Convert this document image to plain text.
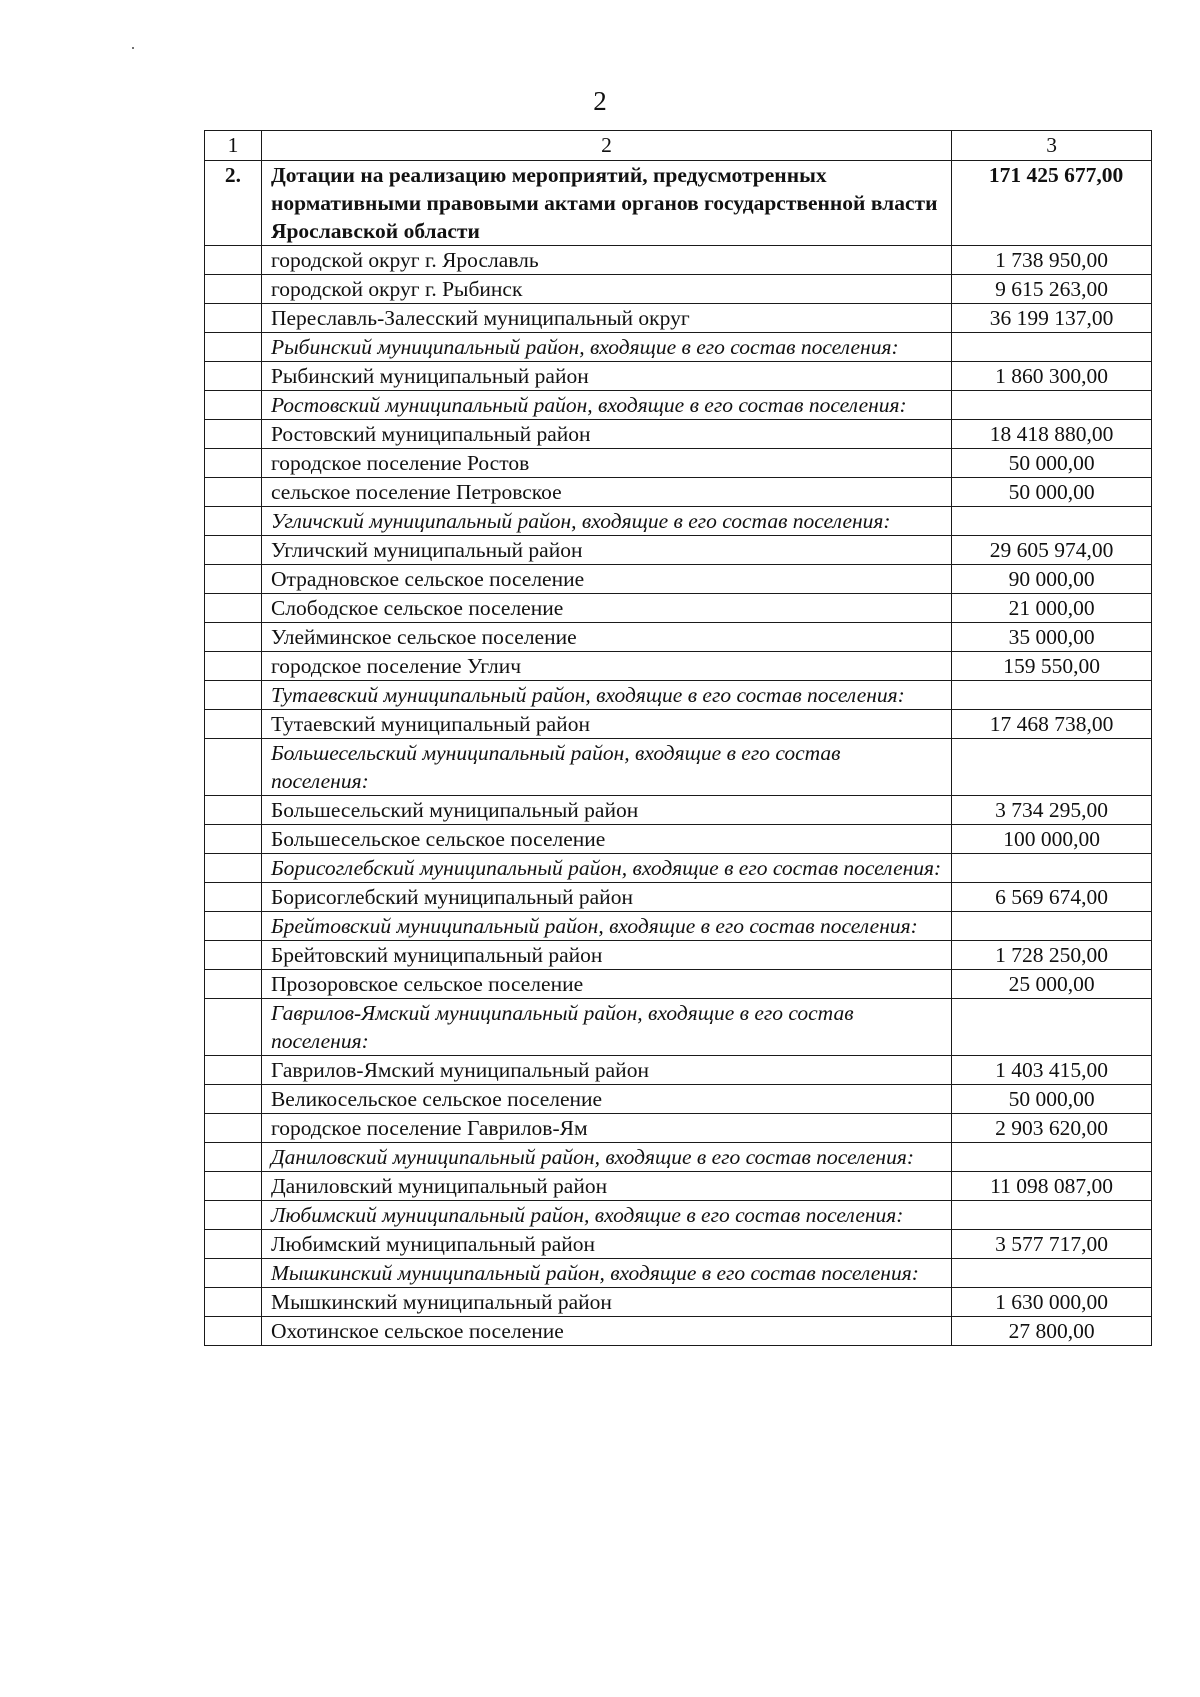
2
1	2	3
2.	Дотации на реализацию мероприятий, предусмотренных нормативными правовыми актами органов государственной власти Ярославской области	171 425 677,00
	городской округ г. Ярославль	1 738 950,00
	городской округ г. Рыбинск	9 615 263,00
	Переславль-Залесский муниципальный округ	36 199 137,00
	Рыбинский муниципальный район, входящие в его состав поселения:	
	Рыбинский муниципальный район	1 860 300,00
	Ростовский муниципальный район, входящие в его состав поселения:	
	Ростовский муниципальный район	18 418 880,00
	городское поселение Ростов	50 000,00
	сельское поселение Петровское	50 000,00
	Угличский муниципальный район, входящие в его состав поселения:	
	Угличский муниципальный район	29 605 974,00
	Отрадновское сельское поселение	90 000,00
	Слободское сельское поселение	21 000,00
	Улейминское сельское поселение	35 000,00
	городское поселение Углич	159 550,00
	Тутаевский муниципальный район, входящие в его состав поселения:	
	Тутаевский муниципальный район	17 468 738,00
	Большесельский муниципальный район, входящие в его состав поселения:	
	Большесельский муниципальный район	3 734 295,00
	Большесельское сельское поселение	100 000,00
	Борисоглебский муниципальный район, входящие в его состав поселения:	
	Борисоглебский муниципальный район	6 569 674,00
	Брейтовский муниципальный район, входящие в его состав поселения:	
	Брейтовский муниципальный район	1 728 250,00
	Прозоровское сельское поселение	25 000,00
	Гаврилов-Ямский муниципальный район, входящие в его состав поселения:	
	Гаврилов-Ямский муниципальный район	1 403 415,00
	Великосельское сельское поселение	50 000,00
	городское поселение Гаврилов-Ям	2 903 620,00
	Даниловский муниципальный район, входящие в его состав поселения:	
	Даниловский муниципальный район	11 098 087,00
	Любимский муниципальный район, входящие в его состав поселения:	
	Любимский муниципальный район	3 577 717,00
	Мышкинский муниципальный район, входящие в его состав поселения:	
	Мышкинский муниципальный район	1 630 000,00
	Охотинское сельское поселение	27 800,00
